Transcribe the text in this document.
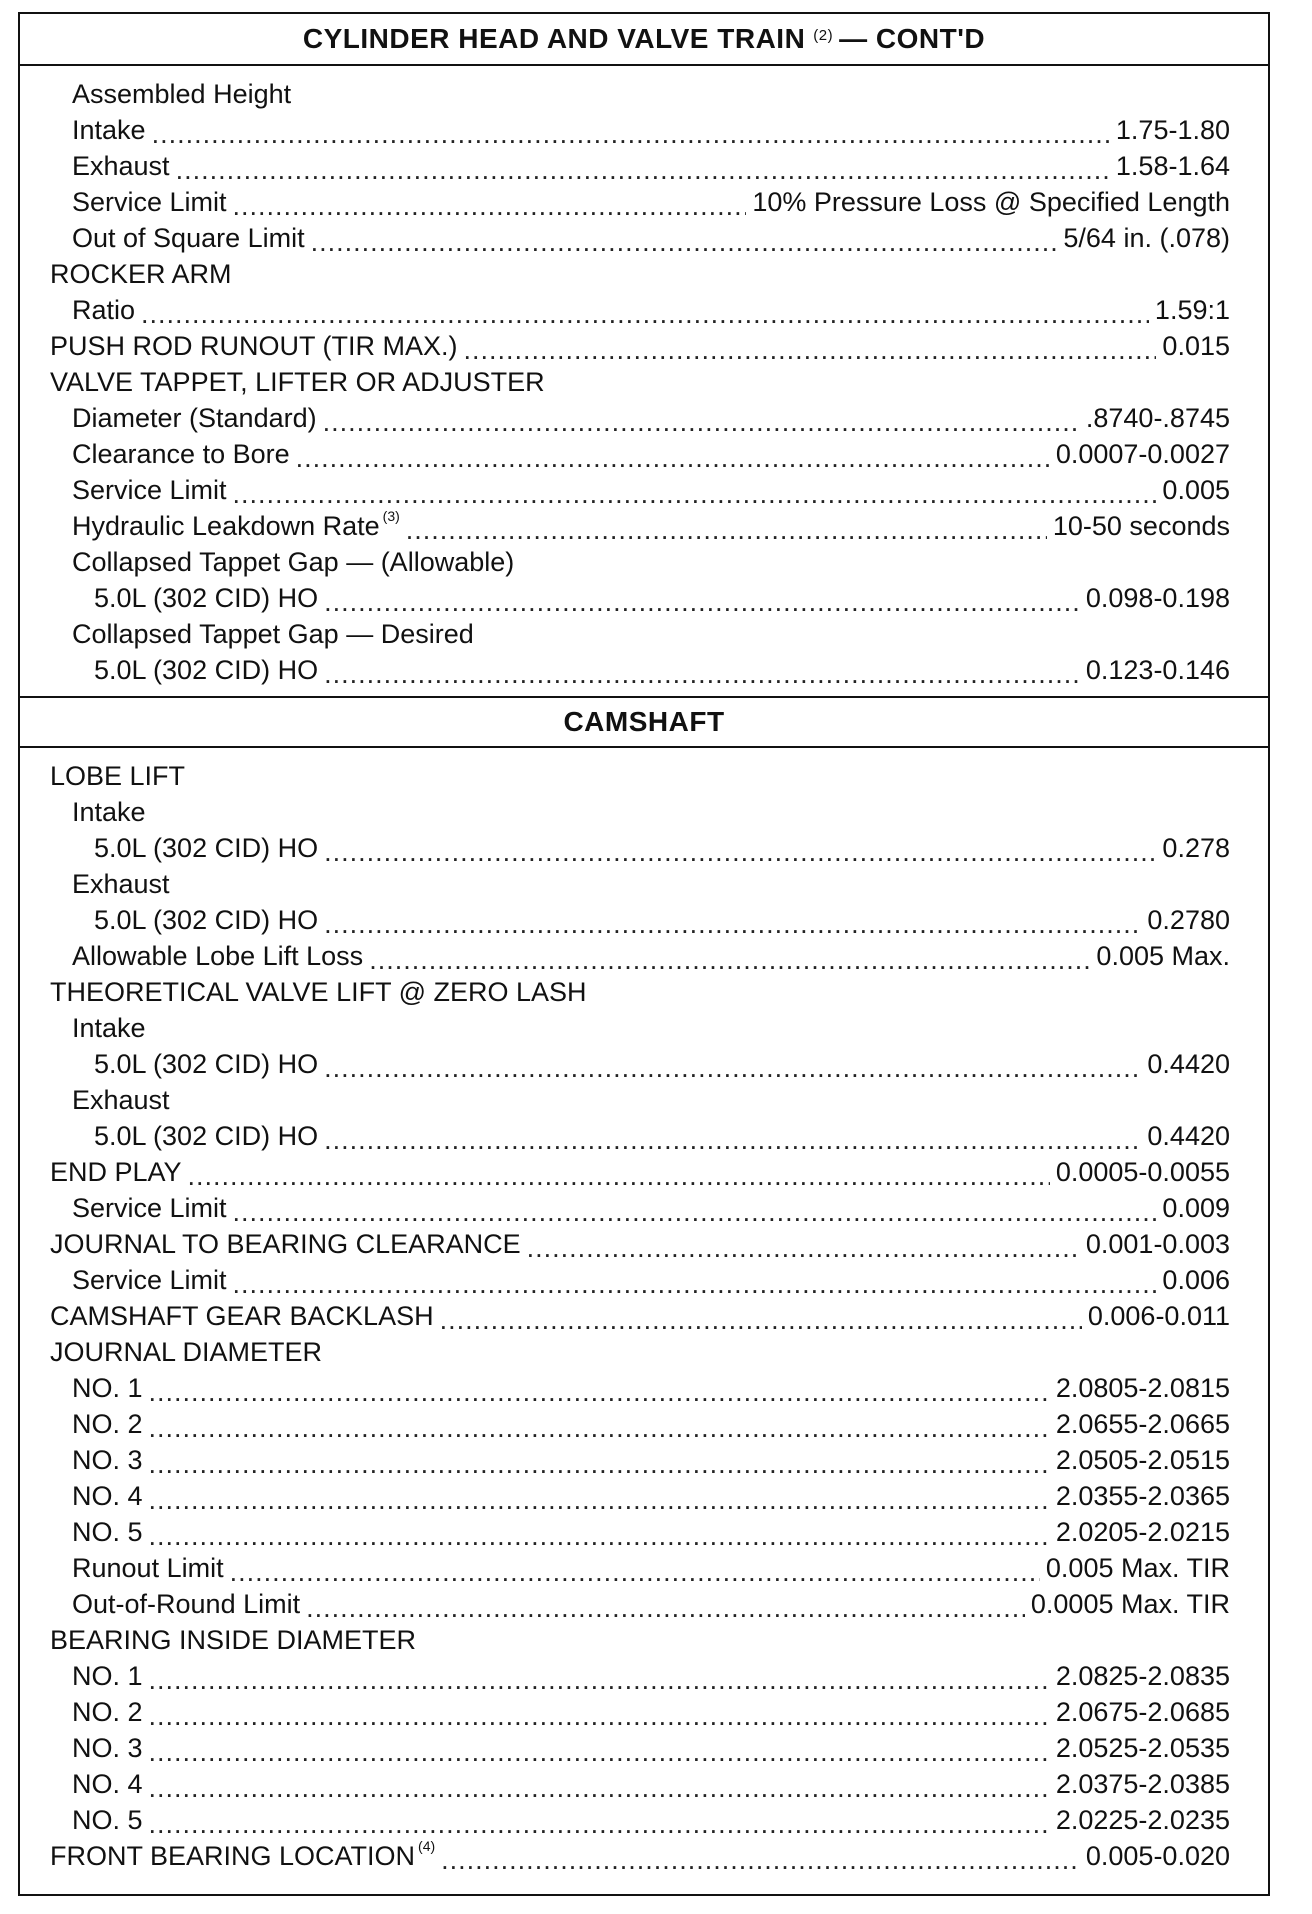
CYLINDER HEAD AND VALVE TRAIN $^{(2)}$ — CONT'D
Assembled Height
Intake .....	1.75-1.80
Exhaust .....	1.58-1.64
Service Limit .....	10% Pressure Loss @ Specified Length
Out of Square Limit .....	5/64 in. (.078)
ROCKER ARM
Ratio .....	1.59:1
PUSH ROD RUNOUT (TIR MAX.) .....	0.015
VALVE TAPPET, LIFTER OR ADJUSTER
Diameter (Standard) .....	.8740-.8745
Clearance to Bore .....	0.0007-0.0027
Service Limit .....	0.005
Hydraulic Leakdown Rate $^{(3)}$ .....	10-50 seconds
Collapsed Tappet Gap — (Allowable)
5.0L (302 CID) HO .....	0.098-0.198
Collapsed Tappet Gap — Desired
5.0L (302 CID) HO .....	0.123-0.146
CAMSHAFT
LOBE LIFT
Intake
5.0L (302 CID) HO .....	0.278
Exhaust
5.0L (302 CID) HO .....	0.2780
Allowable Lobe Lift Loss .....	0.005 Max.
THEORETICAL VALVE LIFT @ ZERO LASH
Intake
5.0L (302 CID) HO .....	0.4420
Exhaust
5.0L (302 CID) HO .....	0.4420
END PLAY .....	0.0005-0.0055
Service Limit .....	0.009
JOURNAL TO BEARING CLEARANCE .....	0.001-0.003
Service Limit .....	0.006
CAMSHAFT GEAR BACKLASH .....	0.006-0.011
JOURNAL DIAMETER
NO. 1 .....	2.0805-2.0815
NO. 2 .....	2.0655-2.0665
NO. 3 .....	2.0505-2.0515
NO. 4 .....	2.0355-2.0365
NO. 5 .....	2.0205-2.0215
Runout Limit .....	0.005 Max. TIR
Out-of-Round Limit .....	0.0005 Max. TIR
BEARING INSIDE DIAMETER
NO. 1 .....	2.0825-2.0835
NO. 2 .....	2.0675-2.0685
NO. 3 .....	2.0525-2.0535
NO. 4 .....	2.0375-2.0385
NO. 5 .....	2.0225-2.0235
FRONT BEARING LOCATION $^{(4)}$ .....	0.005-0.020
